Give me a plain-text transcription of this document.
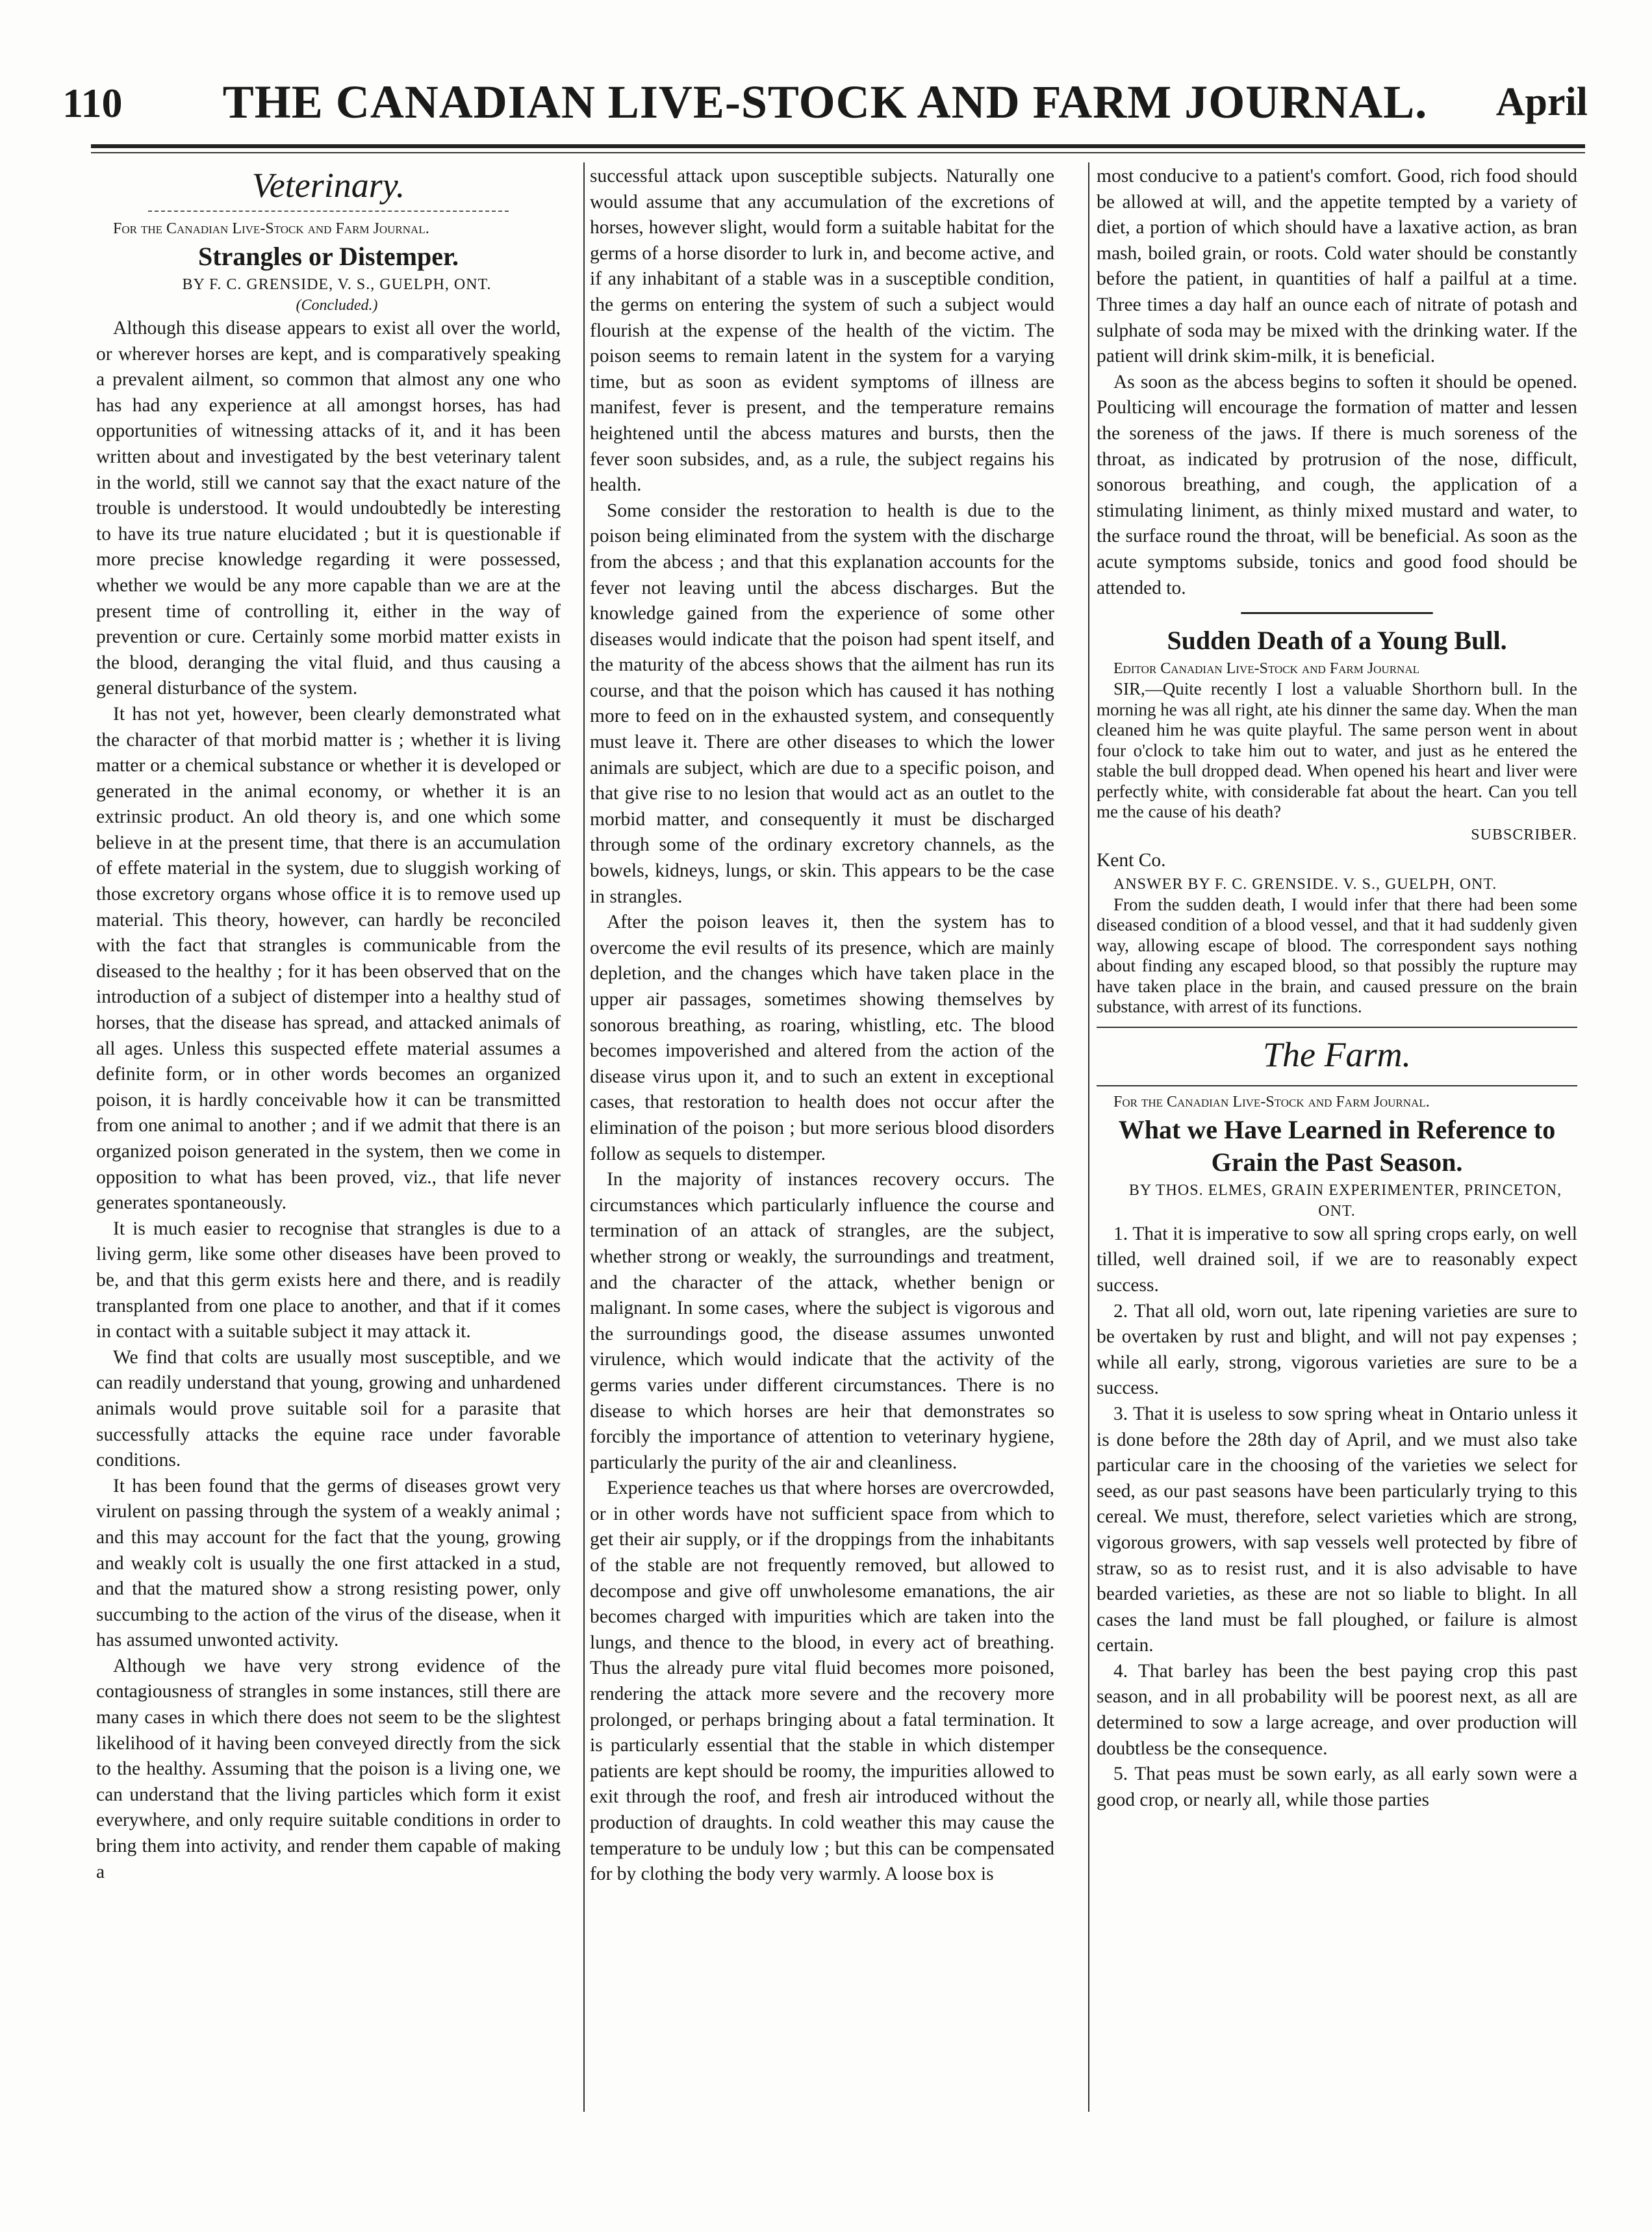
110	THE CANADIAN LIVE-STOCK AND FARM JOURNAL.	April
Veterinary.

For the Canadian Live-Stock and Farm Journal.

Strangles or Distemper.

BY F. C. GRENSIDE, V. S., GUELPH, ONT.

(Concluded.)

Although this disease appears to exist all over the world, or wherever horses are kept, and is comparatively speaking a prevalent ailment, so common that almost any one who has had any experience at all amongst horses, has had opportunities of witnessing attacks of it, and it has been written about and investigated by the best veterinary talent in the world, still we cannot say that the exact nature of the trouble is understood. It would undoubtedly be interesting to have its true nature elucidated ; but it is questionable if more precise knowledge regarding it were possessed, whether we would be any more capable than we are at the present time of controlling it, either in the way of prevention or cure. Certainly some morbid matter exists in the blood, deranging the vital fluid, and thus causing a general disturbance of the system.

It has not yet, however, been clearly demonstrated what the character of that morbid matter is ; whether it is living matter or a chemical substance or whether it is developed or generated in the animal economy, or whether it is an extrinsic product. An old theory is, and one which some believe in at the present time, that there is an accumulation of effete material in the system, due to sluggish working of those excretory organs whose office it is to remove used up material. This theory, however, can hardly be reconciled with the fact that strangles is communicable from the diseased to the healthy ; for it has been observed that on the introduction of a subject of distemper into a healthy stud of horses, that the disease has spread, and attacked animals of all ages. Unless this suspected effete material assumes a definite form, or in other words becomes an organized poison, it is hardly conceivable how it can be transmitted from one animal to another ; and if we admit that there is an organized poison generated in the system, then we come in opposition to what has been proved, viz., that life never generates spontaneously.

It is much easier to recognise that strangles is due to a living germ, like some other diseases have been proved to be, and that this germ exists here and there, and is readily transplanted from one place to another, and that if it comes in contact with a suitable subject it may attack it.

We find that colts are usually most susceptible, and we can readily understand that young, growing and unhardened animals would prove suitable soil for a parasite that successfully attacks the equine race under favorable conditions.

It has been found that the germs of diseases growt very virulent on passing through the system of a weakly animal ; and this may account for the fact that the young, growing and weakly colt is usually the one first attacked in a stud, and that the matured show a strong resisting power, only succumbing to the action of the virus of the disease, when it has assumed unwonted activity.

Although we have very strong evidence of the contagiousness of strangles in some instances, still there are many cases in which there does not seem to be the slightest likelihood of it having been conveyed directly from the sick to the healthy. Assuming that the poison is a living one, we can understand that the living particles which form it exist everywhere, and only require suitable conditions in order to bring them into activity, and render them capable of making a

successful attack upon susceptible subjects. Naturally one would assume that any accumulation of the excretions of horses, however slight, would form a suitable habitat for the germs of a horse disorder to lurk in, and become active, and if any inhabitant of a stable was in a susceptible condition, the germs on entering the system of such a subject would flourish at the expense of the health of the victim. The poison seems to remain latent in the system for a varying time, but as soon as evident symptoms of illness are manifest, fever is present, and the temperature remains heightened until the abcess matures and bursts, then the fever soon subsides, and, as a rule, the subject regains his health.

Some consider the restoration to health is due to the poison being eliminated from the system with the discharge from the abcess ; and that this explanation accounts for the fever not leaving until the abcess discharges. But the knowledge gained from the experience of some other diseases would indicate that the poison had spent itself, and the maturity of the abcess shows that the ailment has run its course, and that the poison which has caused it has nothing more to feed on in the exhausted system, and consequently must leave it. There are other diseases to which the lower animals are subject, which are due to a specific poison, and that give rise to no lesion that would act as an outlet to the morbid matter, and consequently it must be discharged through some of the ordinary excretory channels, as the bowels, kidneys, lungs, or skin. This appears to be the case in strangles.

After the poison leaves it, then the system has to overcome the evil results of its presence, which are mainly depletion, and the changes which have taken place in the upper air passages, sometimes showing themselves by sonorous breathing, as roaring, whistling, etc. The blood becomes impoverished and altered from the action of the disease virus upon it, and to such an extent in exceptional cases, that restoration to health does not occur after the elimination of the poison ; but more serious blood disorders follow as sequels to distemper.

In the majority of instances recovery occurs. The circumstances which particularly influence the course and termination of an attack of strangles, are the subject, whether strong or weakly, the surroundings and treatment, and the character of the attack, whether benign or malignant. In some cases, where the subject is vigorous and the surroundings good, the disease assumes unwonted virulence, which would indicate that the activity of the germs varies under different circumstances. There is no disease to which horses are heir that demonstrates so forcibly the importance of attention to veterinary hygiene, particularly the purity of the air and cleanliness.

Experience teaches us that where horses are overcrowded, or in other words have not sufficient space from which to get their air supply, or if the droppings from the inhabitants of the stable are not frequently removed, but allowed to decompose and give off unwholesome emanations, the air becomes charged with impurities which are taken into the lungs, and thence to the blood, in every act of breathing. Thus the already pure vital fluid becomes more poisoned, rendering the attack more severe and the recovery more prolonged, or perhaps bringing about a fatal termination. It is particularly essential that the stable in which distemper patients are kept should be roomy, the impurities allowed to exit through the roof, and fresh air introduced without the production of draughts. In cold weather this may cause the temperature to be unduly low ; but this can be compensated for by clothing the body very warmly. A loose box is

most conducive to a patient's comfort. Good, rich food should be allowed at will, and the appetite tempted by a variety of diet, a portion of which should have a laxative action, as bran mash, boiled grain, or roots. Cold water should be constantly before the patient, in quantities of half a pailful at a time. Three times a day half an ounce each of nitrate of potash and sulphate of soda may be mixed with the drinking water. If the patient will drink skim-milk, it is beneficial.

As soon as the abcess begins to soften it should be opened. Poulticing will encourage the formation of matter and lessen the soreness of the jaws. If there is much soreness of the throat, as indicated by protrusion of the nose, difficult, sonorous breathing, and cough, the application of a stimulating liniment, as thinly mixed mustard and water, to the surface round the throat, will be beneficial. As soon as the acute symptoms subside, tonics and good food should be attended to.

Sudden Death of a Young Bull.

Editor Canadian Live-Stock and Farm Journal

SIR,—Quite recently I lost a valuable Shorthorn bull. In the morning he was all right, ate his dinner the same day. When the man cleaned him he was quite playful. The same person went in about four o'clock to take him out to water, and just as he entered the stable the bull dropped dead. When opened his heart and liver were perfectly white, with considerable fat about the heart. Can you tell me the cause of his death?

SUBSCRIBER.

Kent Co.

ANSWER BY F. C. GRENSIDE. V. S., GUELPH, ONT.

From the sudden death, I would infer that there had been some diseased condition of a blood vessel, and that it had suddenly given way, allowing escape of blood. The correspondent says nothing about finding any escaped blood, so that possibly the rupture may have taken place in the brain, and caused pressure on the brain substance, with arrest of its functions.

The Farm.

For the Canadian Live-Stock and Farm Journal.

What we Have Learned in Reference to Grain the Past Season.

BY THOS. ELMES, GRAIN EXPERIMENTER, PRINCETON, ONT.

1. That it is imperative to sow all spring crops early, on well tilled, well drained soil, if we are to reasonably expect success.

2. That all old, worn out, late ripening varieties are sure to be overtaken by rust and blight, and will not pay expenses ; while all early, strong, vigorous varieties are sure to be a success.

3. That it is useless to sow spring wheat in Ontario unless it is done before the 28th day of April, and we must also take particular care in the choosing of the varieties we select for seed, as our past seasons have been particularly trying to this cereal. We must, therefore, select varieties which are strong, vigorous growers, with sap vessels well protected by fibre of straw, so as to resist rust, and it is also advisable to have bearded varieties, as these are not so liable to blight. In all cases the land must be fall ploughed, or failure is almost certain.

4. That barley has been the best paying crop this past season, and in all probability will be poorest next, as all are determined to sow a large acreage, and over production will doubtless be the consequence.

5. That peas must be sown early, as all early sown were a good crop, or nearly all, while those parties
